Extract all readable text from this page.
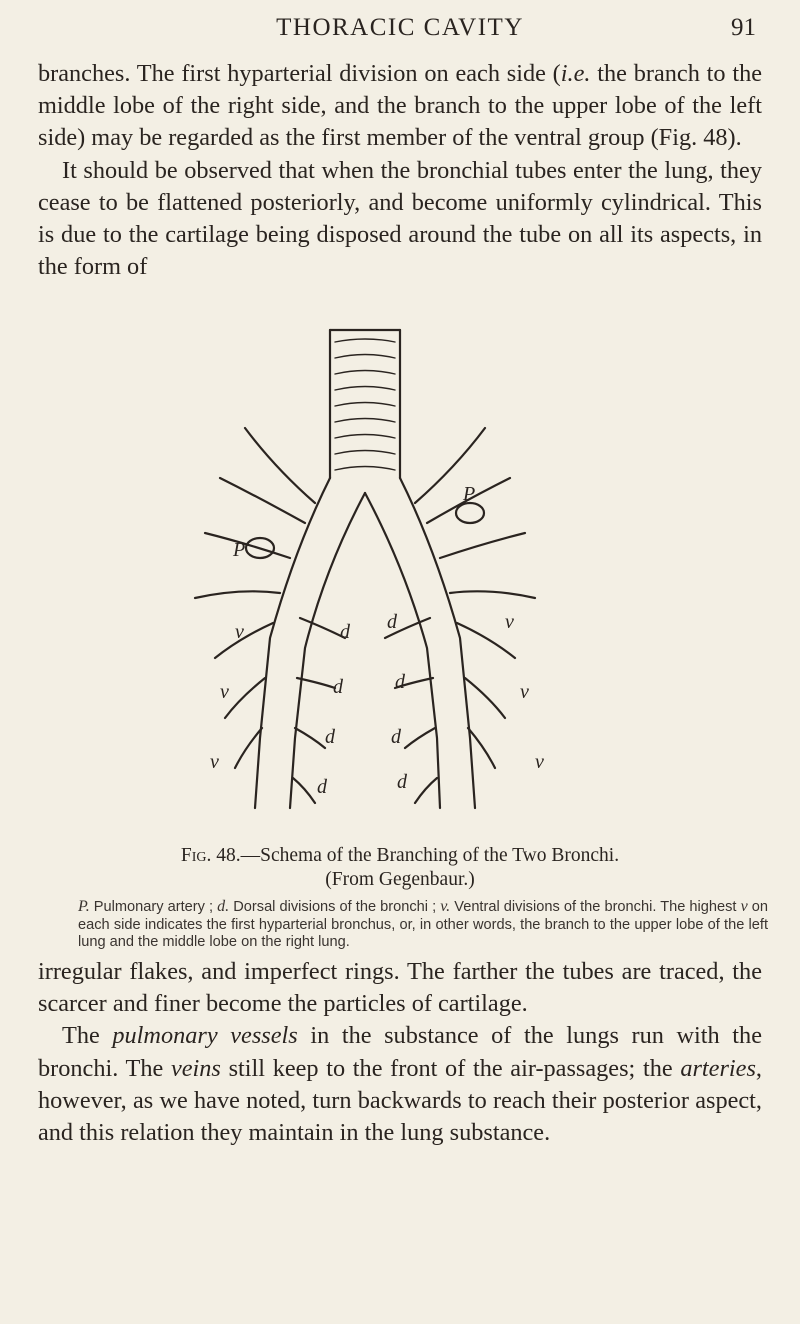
THORACIC CAVITY	91

branches. The first hyparterial division on each side (i.e. the branch to the middle lobe of the right side, and the branch to the upper lobe of the left side) may be regarded as the first member of the ventral group (Fig. 48).
It should be observed that when the bronchial tubes enter the lung, they cease to be flattened posteriorly, and become uniformly cylindrical. This is due to the cartilage being disposed around the tube on all its aspects, in the form of

P
P
v
v
v
v
v
v
d
d
d
d
d
d
d
d
Fig. 48.—Schema of the Branching of the Two Bronchi.
(From Gegenbaur.)
P. Pulmonary artery ; d. Dorsal divisions of the bronchi ; v. Ventral divisions of the bronchi. The highest v on each side indicates the first hyparterial bronchus, or, in other words, the branch to the upper lobe of the left lung and the middle lobe on the right lung.

irregular flakes, and imperfect rings. The farther the tubes are traced, the scarcer and finer become the particles of cartilage.
The pulmonary vessels in the substance of the lungs run with the bronchi. The veins still keep to the front of the air-passages; the arteries, however, as we have noted, turn backwards to reach their posterior aspect, and this relation they maintain in the lung substance.
